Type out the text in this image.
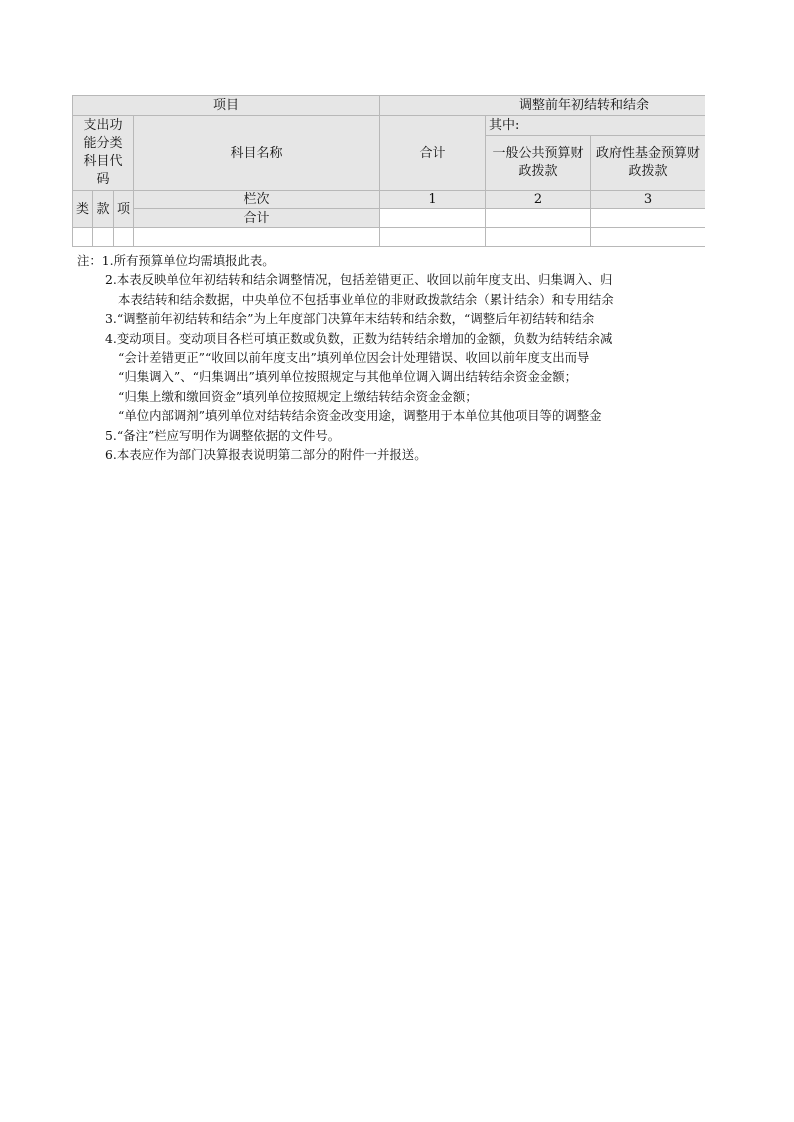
项目				调整前年初结转和结余			
支出功能分类科目代码			科目名称	合计	其中:		
					一般公共预算财政拨款	政府性基金预算财政拨款	
类	款	项	栏次	1	2	3	
			合计				

注：1.所有预算单位均需填报此表。
2.本表反映单位年初结转和结余调整情况，包括差错更正、收回以前年度支出、归集调入、归
本表结转和结余数据，中央单位不包括事业单位的非财政拨款结余（累计结余）和专用结余
3.“调整前年初结转和结余”为上年度部门决算年末结转和结余数，“调整后年初结转和结余
4.变动项目。变动项目各栏可填正数或负数，正数为结转结余增加的金额，负数为结转结余减
“会计差错更正”“收回以前年度支出”填列单位因会计处理错误、收回以前年度支出而导
“归集调入”、“归集调出”填列单位按照规定与其他单位调入调出结转结余资金金额；
“归集上缴和缴回资金”填列单位按照规定上缴结转结余资金金额；
“单位内部调剂”填列单位对结转结余资金改变用途，调整用于本单位其他项目等的调整金
5.“备注”栏应写明作为调整依据的文件号。
6.本表应作为部门决算报表说明第二部分的附件一并报送。
